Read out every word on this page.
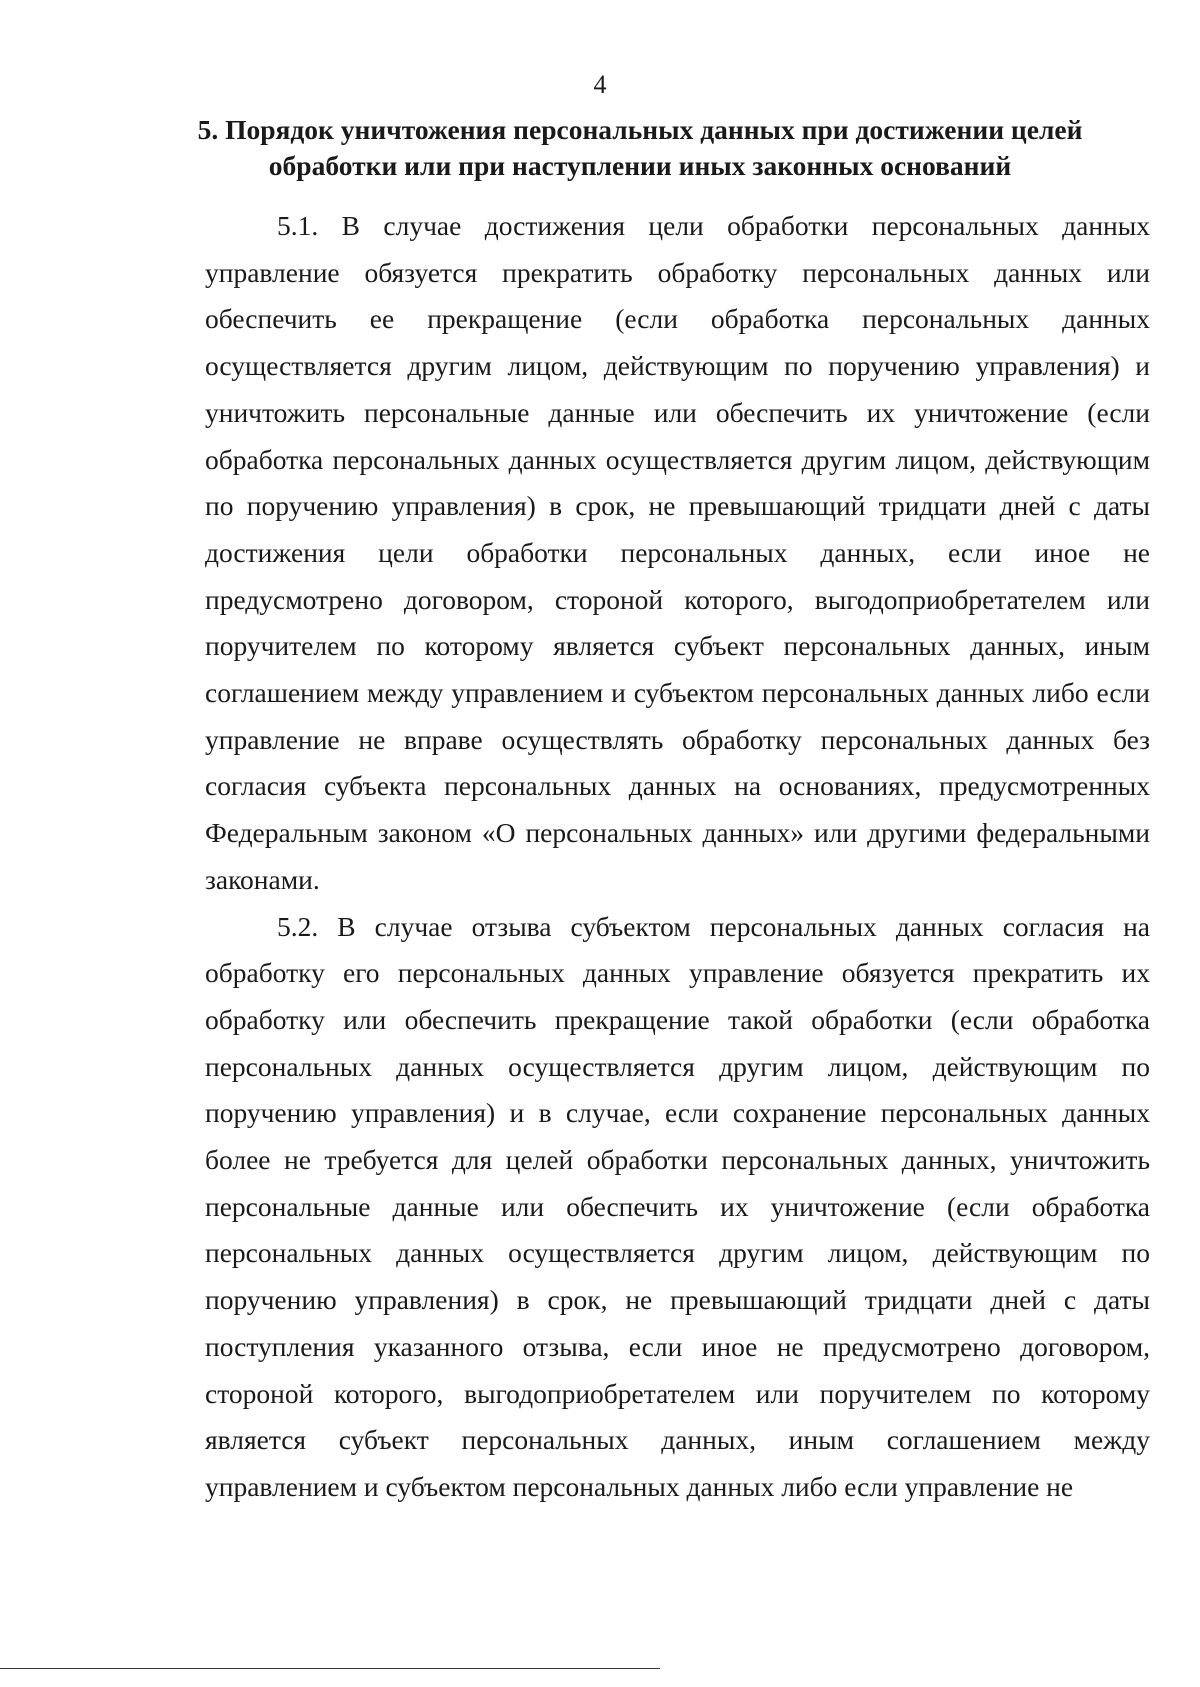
4
5. Порядок уничтожения персональных данных при достижении целей
обработки или при наступлении иных законных оснований

5.1. В случае достижения цели обработки персональных данных управление обязуется прекратить обработку персональных данных или обеспечить ее прекращение (если обработка персональных данных осуществляется другим лицом, действующим по поручению управления) и уничтожить персональные данные или обеспечить их уничтожение (если обработка персональных данных осуществляется другим лицом, действующим по поручению управления) в срок, не превышающий тридцати дней с даты достижения цели обработки персональных данных, если иное не предусмотрено договором, стороной которого, выгодоприобретателем или поручителем по которому является субъект персональных данных, иным соглашением между управлением и субъектом персональных данных либо если управление не вправе осуществлять обработку персональных данных без согласия субъекта персональных данных на основаниях, предусмотренных Федеральным законом «О персональных данных» или другими федеральными законами.

5.2. В случае отзыва субъектом персональных данных согласия на обработку его персональных данных управление обязуется прекратить их обработку или обеспечить прекращение такой обработки (если обработка персональных данных осуществляется другим лицом, действующим по поручению управления) и в случае, если сохранение персональных данных более не требуется для целей обработки персональных данных, уничтожить персональные данные или обеспечить их уничтожение (если обработка персональных данных осуществляется другим лицом, действующим по поручению управления) в срок, не превышающий тридцати дней с даты поступления указанного отзыва, если иное не предусмотрено договором, стороной которого, выгодоприобретателем или поручителем по которому является субъект персональных данных, иным соглашением между управлением и субъектом персональных данных либо если управление не
